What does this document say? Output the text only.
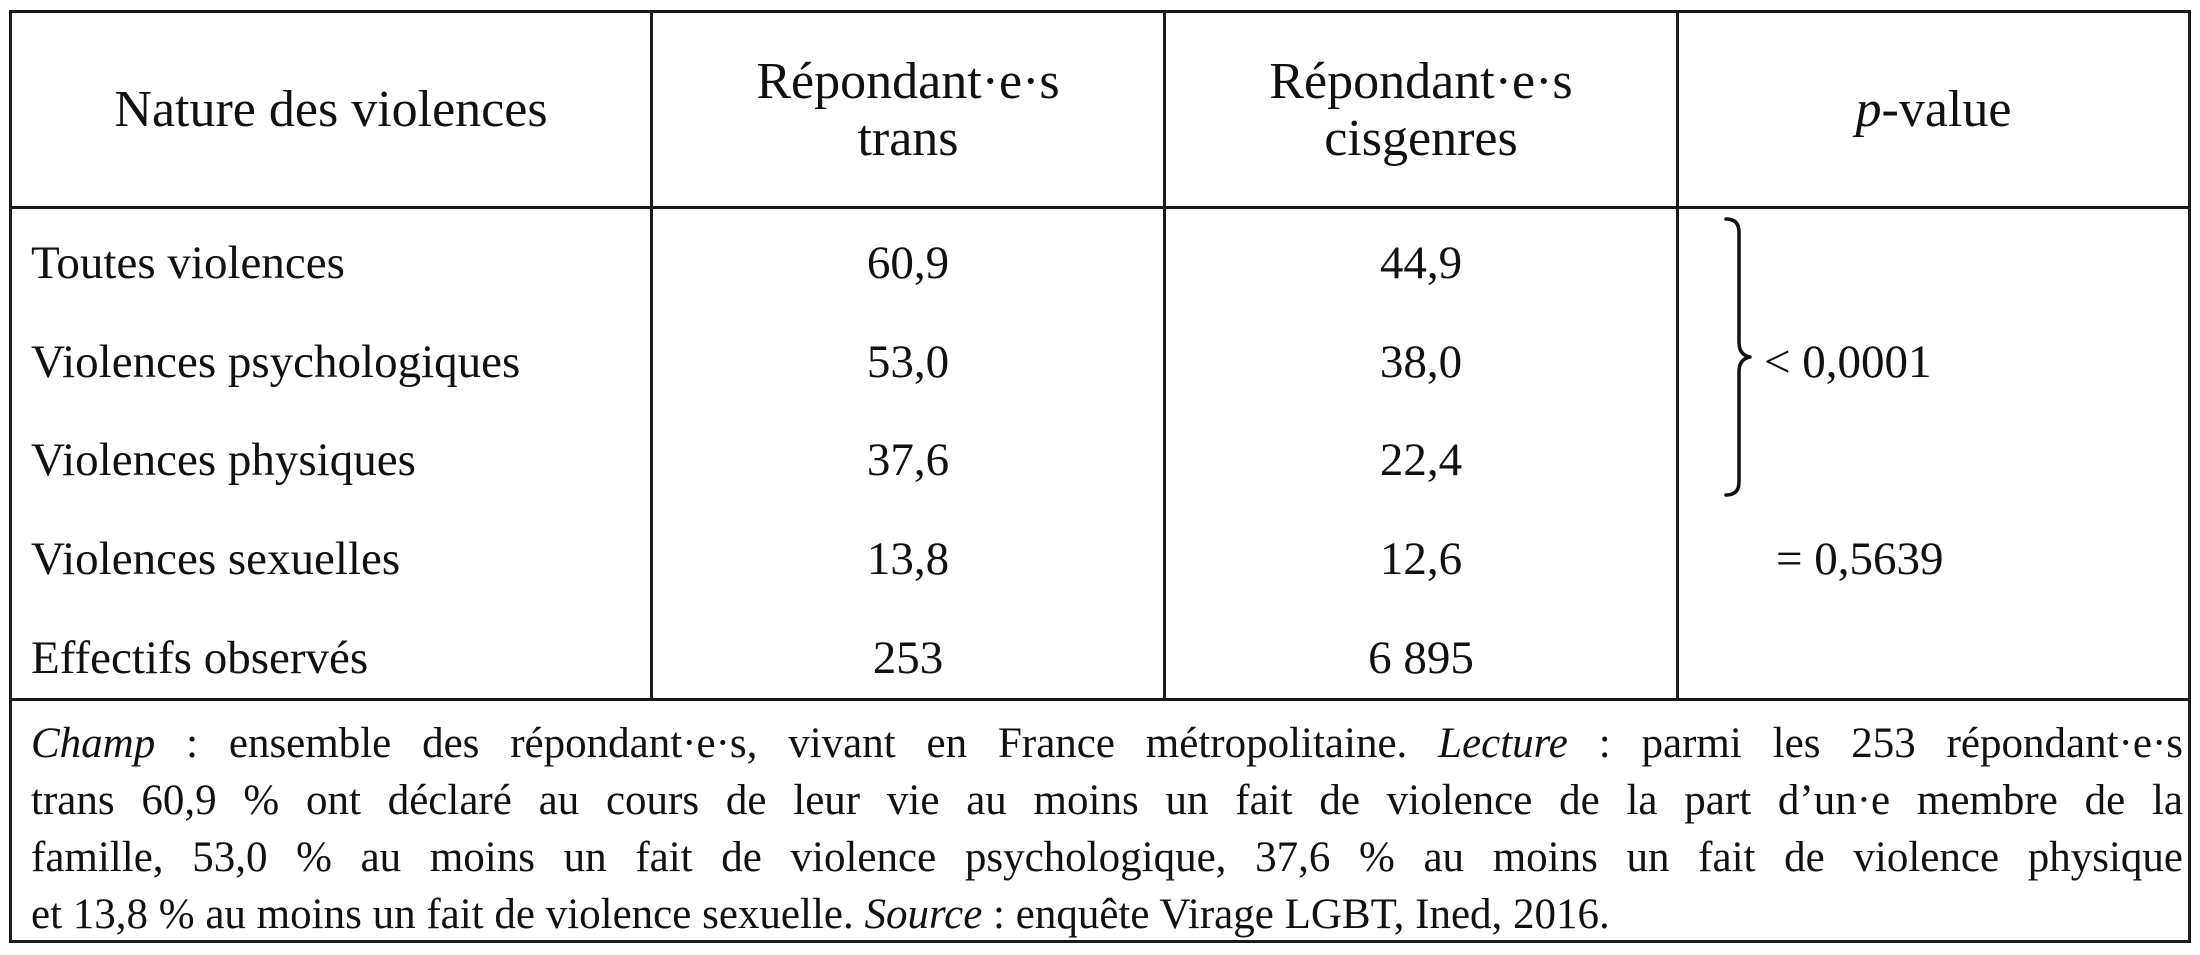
Nature des violences	Répondant·e·s
trans
Répondant·e·s
cisgenres	p-value
Toutes violences
Violences psychologiques
Violences physiques
Violences sexuelles
Effectifs observés
60,9
53,0
37,6
13,8
253
44,9
38,0
22,4
12,6
6 895
< 0,0001
= 0,5639
Champ : ensemble des répondant·e·s, vivant en France métropolitaine. Lecture : parmi les 253 répondant·e·s
trans 60,9 % ont déclaré au cours de leur vie au moins un fait de violence de la part d’un·e membre de la
famille, 53,0 % au moins un fait de violence psychologique, 37,6 % au moins un fait de violence physique
et 13,8 % au moins un fait de violence sexuelle. Source : enquête Virage LGBT, Ined, 2016.
